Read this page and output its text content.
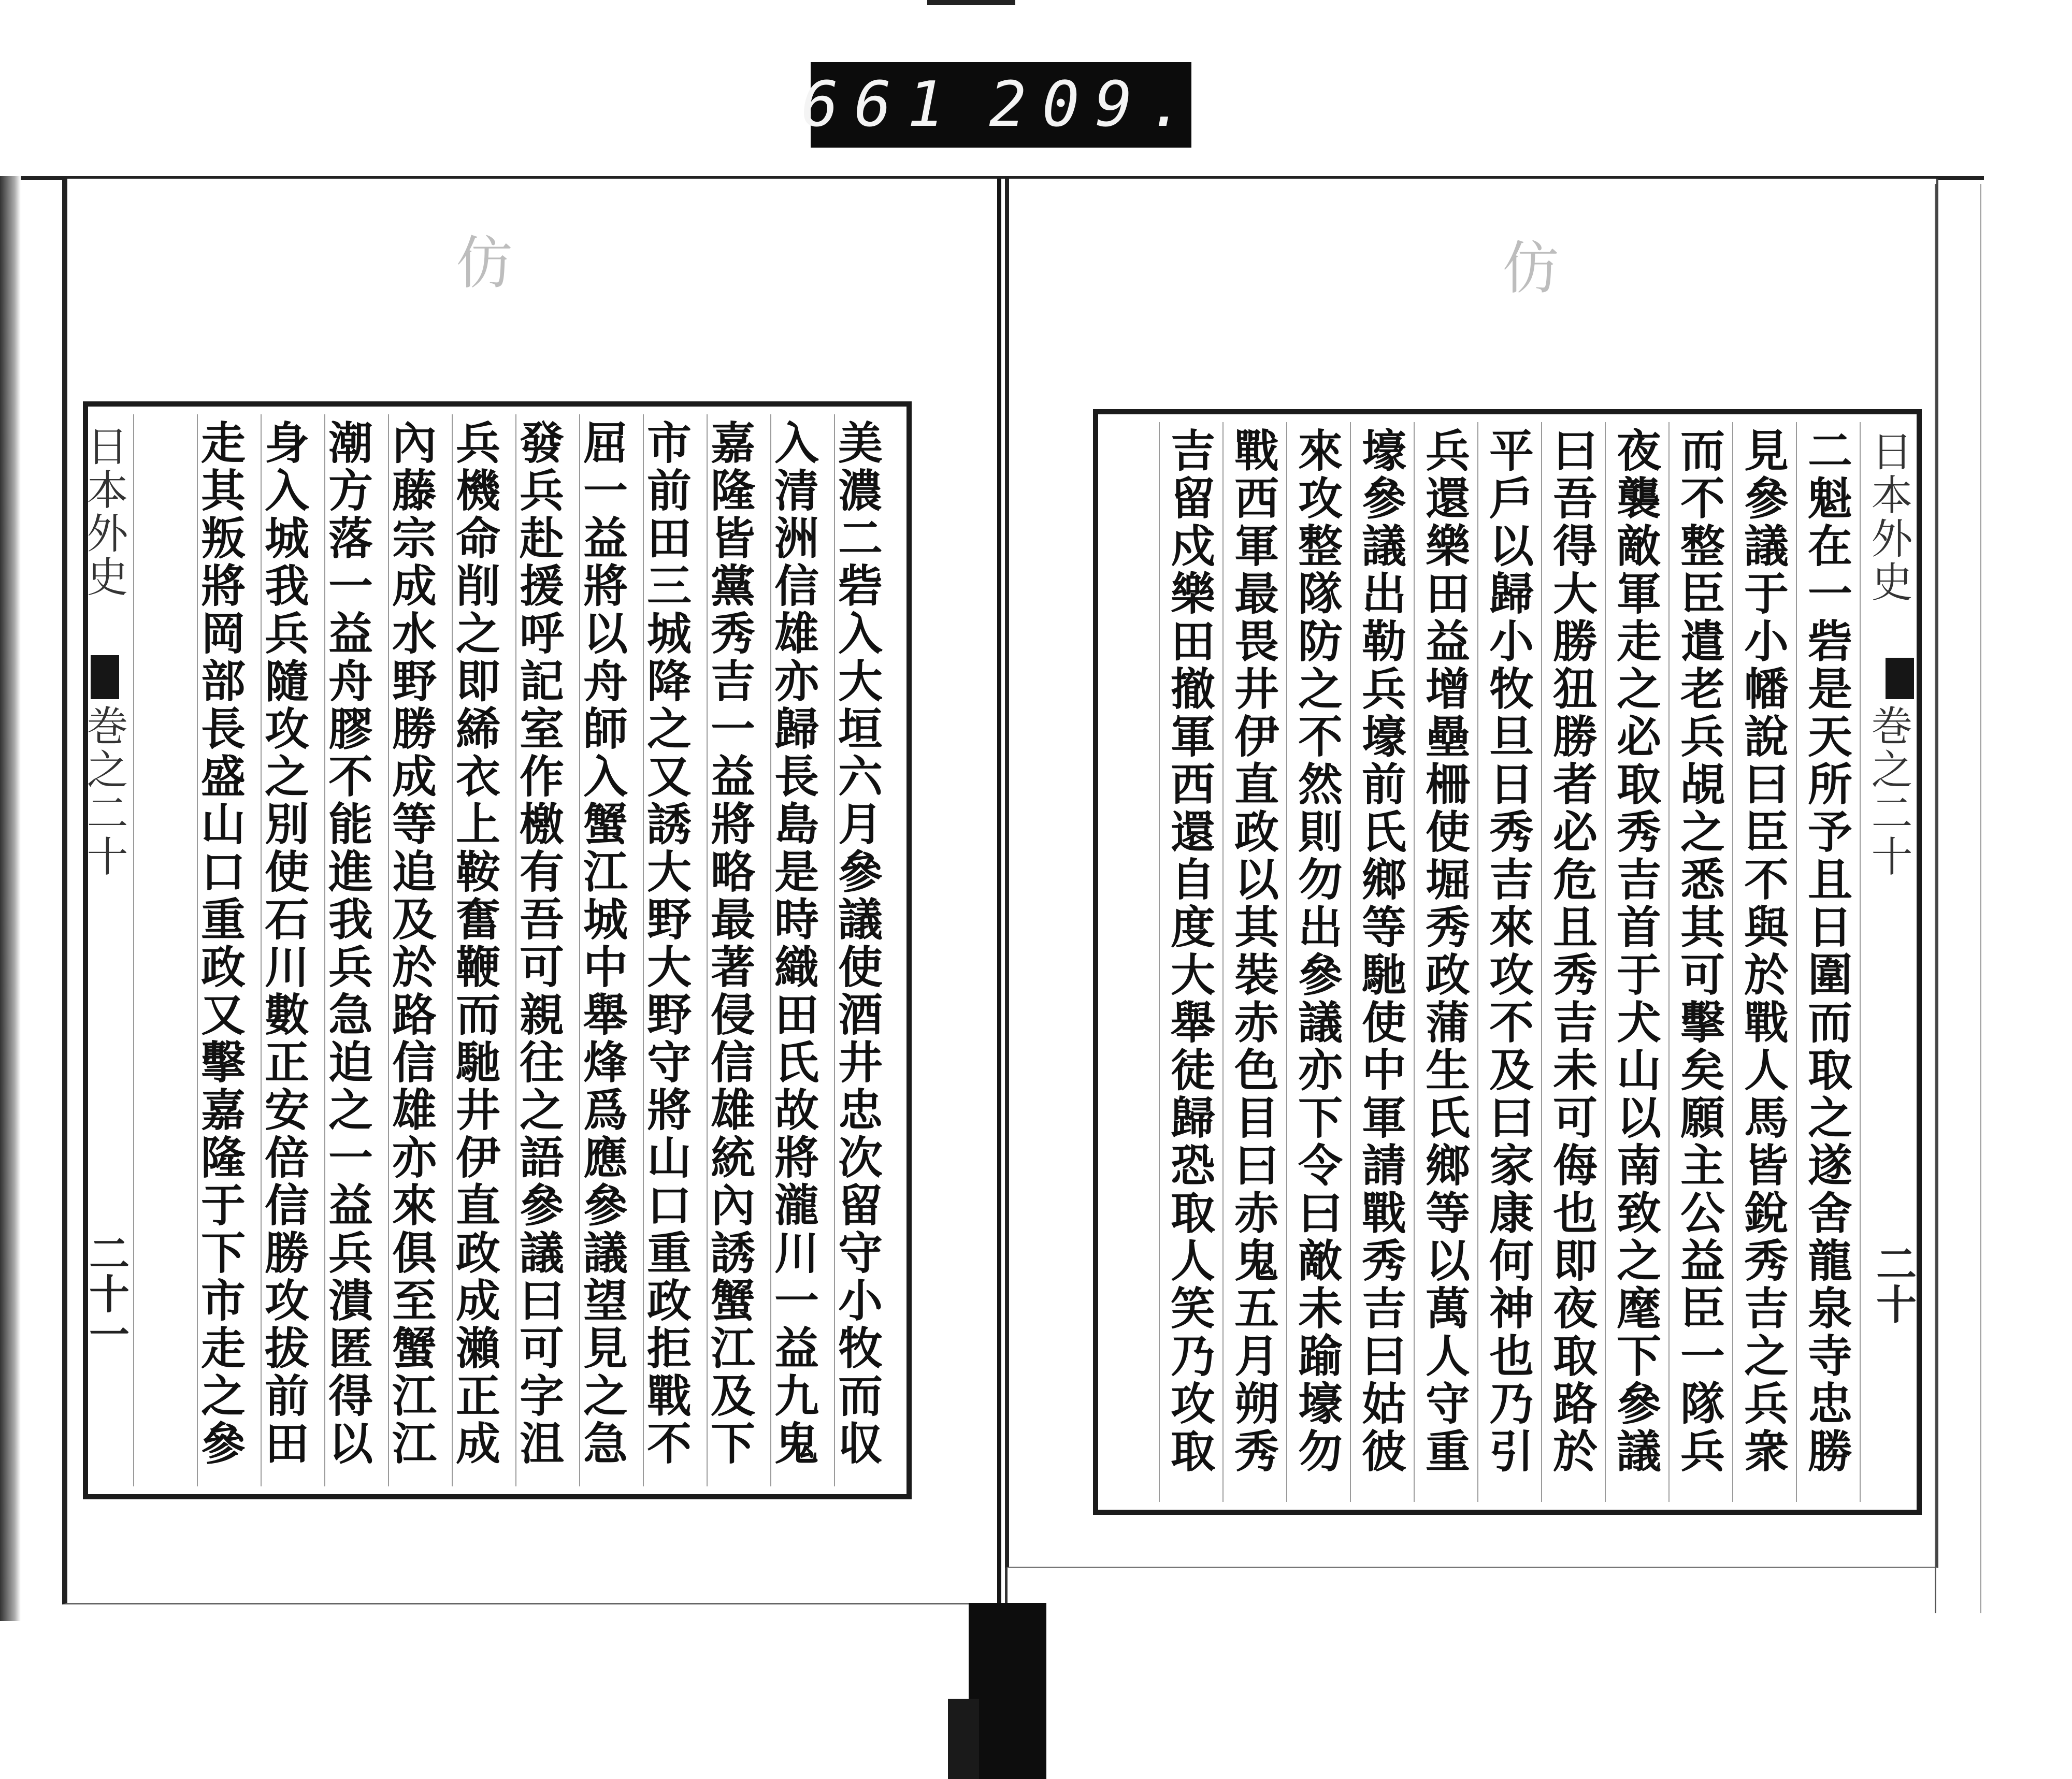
661 209.
仿	仿
日本外史
巻之二十
二十一	美濃二砦入大垣六月參議使酒井忠次留守小牧而収
入清洲信雄亦歸長島是時織田氏故將瀧川一益九鬼
嘉隆皆黨秀吉一益將略最著侵信雄統內誘蟹江及下
市前田三城降之又誘大野大野守將山口重政拒戰不
屈一益將以舟師入蟹江城中舉烽爲應參議望見之急
發兵赴援呼記室作檄有吾可親往之語參議曰可字沮
兵機命削之即絺衣上鞍奮鞭而馳井伊直政成瀨正成
內藤宗成水野勝成等追及於路信雄亦來俱至蟹江江
潮方落一益舟膠不能進我兵急迫之一益兵潰匿得以
身入城我兵隨攻之別使石川數正安倍信勝攻拔前田
走其叛將岡部長盛山口重政又擊嘉隆于下市走之參	日本外史
巻之二十
二十
二魁在一砦是天所予且日圍而取之遂舍龍泉寺忠勝
見參議于小幡說曰臣不與於戰人馬皆銳秀吉之兵衆
而不整臣遣老兵覘之悉其可擊矣願主公益臣一隊兵
夜襲敵軍走之必取秀吉首于犬山以南致之麾下參議
曰吾得大勝狃勝者必危且秀吉未可侮也即夜取路於
平戶以歸小牧旦日秀吉來攻不及曰家康何神也乃引
兵還樂田益增壘柵使堀秀政蒲生氏鄉等以萬人守重
壕參議出勒兵壕前氏鄉等馳使中軍請戰秀吉曰姑彼
來攻整隊防之不然則勿出參議亦下令曰敵未踰壕勿
戰西軍最畏井伊直政以其裝赤色目曰赤鬼五月朔秀
吉留戍樂田撤軍西還自度大舉徒歸恐取人笑乃攻取
